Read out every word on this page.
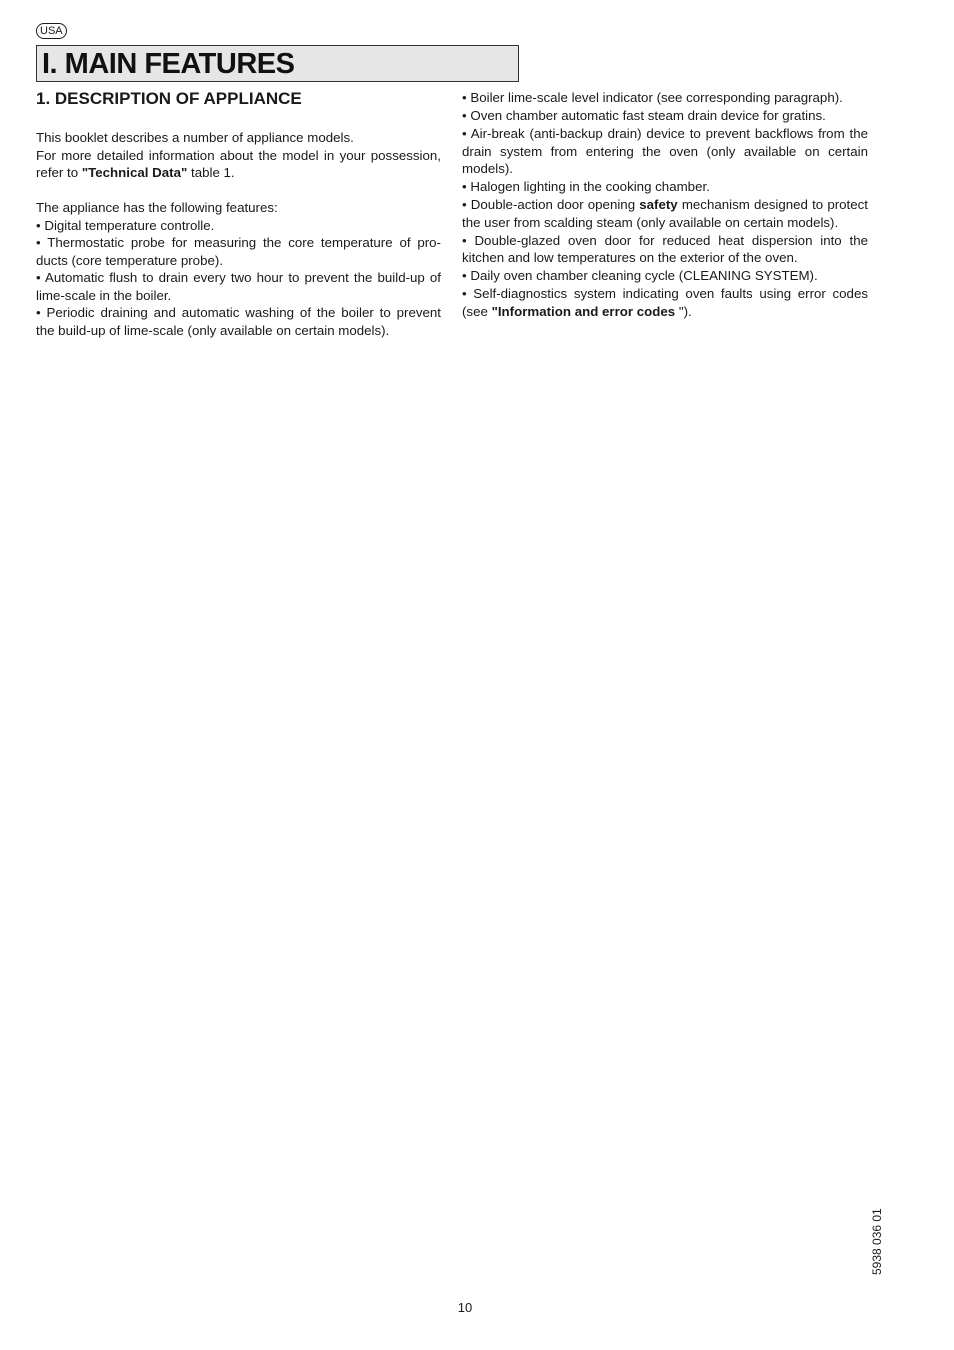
USA
I. MAIN FEATURES
1. DESCRIPTION OF APPLIANCE

This booklet describes a number of appliance models.

For more detailed information about the model in your possession, refer to "Technical Data" table 1.

The appliance has the following features:

• Digital temperature controlle.

• Thermostatic probe for measuring the core temperature of pro-ducts (core temperature probe).

• Automatic flush to drain every two hour to prevent the build-up of lime-scale in the boiler.

• Periodic draining and automatic washing of the boiler to prevent the build-up of lime-scale (only available on certain models).

• Boiler lime-scale level indicator (see corresponding paragraph).

• Oven chamber automatic fast steam drain device for gratins.

• Air-break (anti-backup drain) device to prevent backflows from the drain system from entering the oven (only available on certain models).

• Halogen lighting in the cooking chamber.

• Double-action door opening safety mechanism designed to protect the user from scalding steam (only available on certain models).

• Double-glazed oven door for reduced heat dispersion into the kitchen and low temperatures on the exterior of the oven.

• Daily oven chamber cleaning cycle (CLEANING SYSTEM).

• Self-diagnostics system indicating oven faults using error codes (see "Information and error codes ").

5938 036 01
10
